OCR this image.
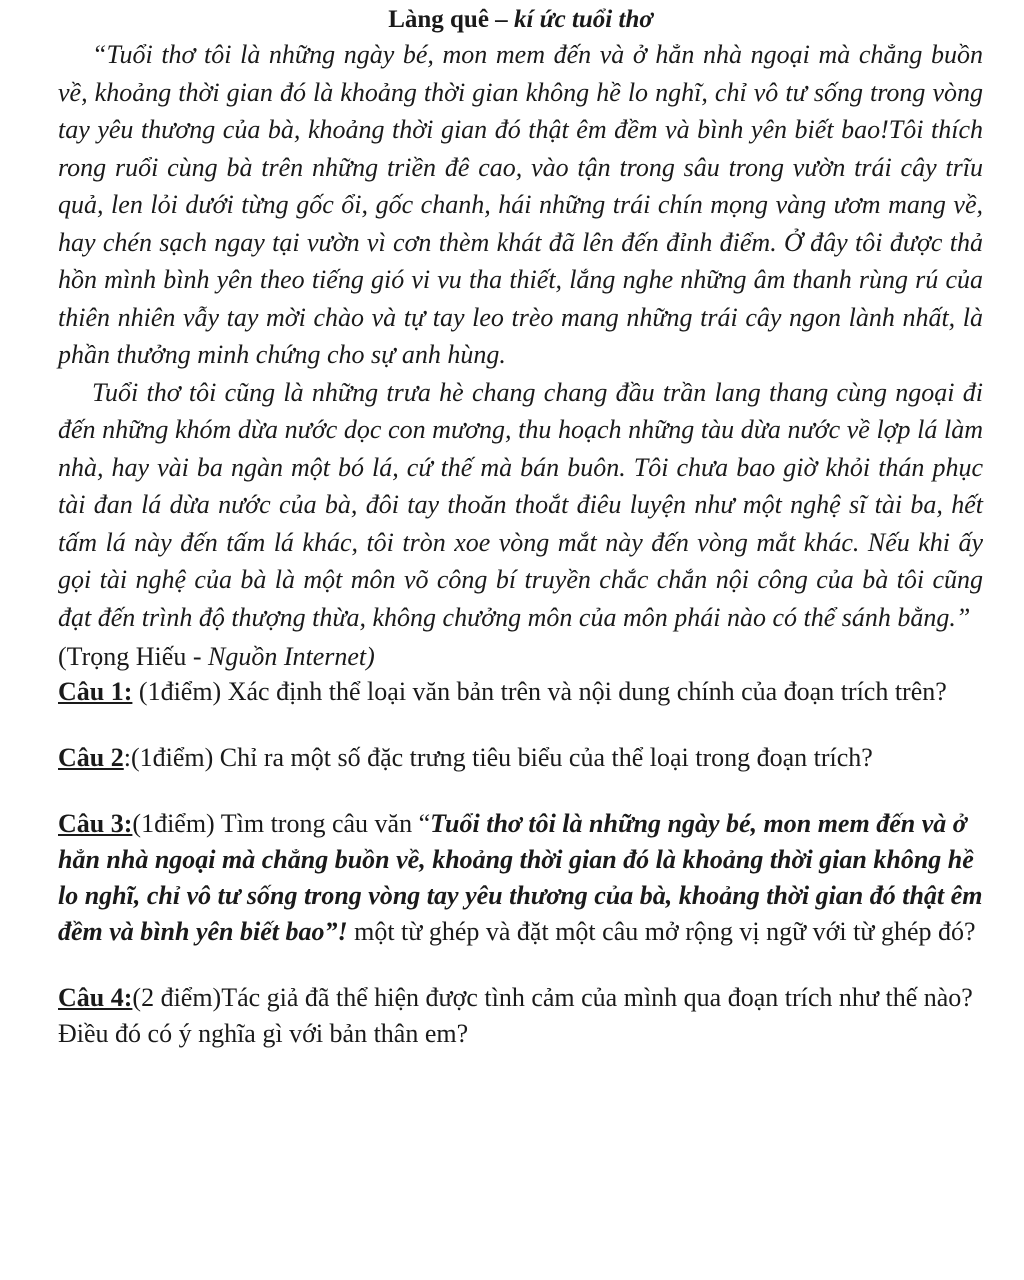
Làng quê – kí ức tuổi thơ

“Tuổi thơ tôi là những ngày bé, mon mem đến và ở hẳn nhà ngoại mà chẳng buồn về, khoảng thời gian đó là khoảng thời gian không hề lo nghĩ, chỉ vô tư sống trong vòng tay yêu thương của bà, khoảng thời gian đó thật êm đềm và bình yên biết bao!Tôi thích rong ruổi cùng bà trên những triền đê cao, vào tận trong sâu trong vườn trái cây trĩu quả, len lỏi dưới từng gốc ổi, gốc chanh, hái những trái chín mọng vàng ươm mang về, hay chén sạch ngay tại vườn vì cơn thèm khát đã lên đến đỉnh điểm. Ở đây tôi được thả hồn mình bình yên theo tiếng gió vi vu tha thiết, lắng nghe những âm thanh rùng rú của thiên nhiên vẫy tay mời chào và tự tay leo trèo mang những trái cây ngon lành nhất, là phần thưởng minh chứng cho sự anh hùng.

Tuổi thơ tôi cũng là những trưa hè chang chang đầu trần lang thang cùng ngoại đi đến những khóm dừa nước dọc con mương, thu hoạch những tàu dừa nước về lợp lá làm nhà, hay vài ba ngàn một bó lá, cứ thế mà bán buôn. Tôi chưa bao giờ khỏi thán phục tài đan lá dừa nước của bà, đôi tay thoăn thoắt điêu luyện như một nghệ sĩ tài ba, hết tấm lá này đến tấm lá khác, tôi tròn xoe vòng mắt này đến vòng mắt khác. Nếu khi ấy gọi tài nghệ của bà là một môn võ công bí truyền chắc chắn nội công của bà tôi cũng đạt đến trình độ thượng thừa, không chưởng môn của môn phái nào có thể sánh bằng.”

(Trọng Hiếu - Nguồn Internet)

Câu 1: (1điểm) Xác định thể loại văn bản trên và nội dung chính của đoạn trích trên?

Câu 2:(1điểm) Chỉ ra một số đặc trưng tiêu biểu của thể loại trong đoạn trích?

Câu 3:(1điểm) Tìm trong câu văn “Tuổi thơ tôi là những ngày bé, mon mem đến và ở hẳn nhà ngoại mà chẳng buồn về, khoảng thời gian đó là khoảng thời gian không hề lo nghĩ, chỉ vô tư sống trong vòng tay yêu thương của bà, khoảng thời gian đó thật êm đềm và bình yên biết bao”! một từ ghép và đặt một câu mở rộng vị ngữ với từ ghép đó?

Câu 4:(2 điểm)Tác giả đã thể hiện được tình cảm của mình qua đoạn trích như thế nào? Điều đó có ý nghĩa gì với bản thân em?
